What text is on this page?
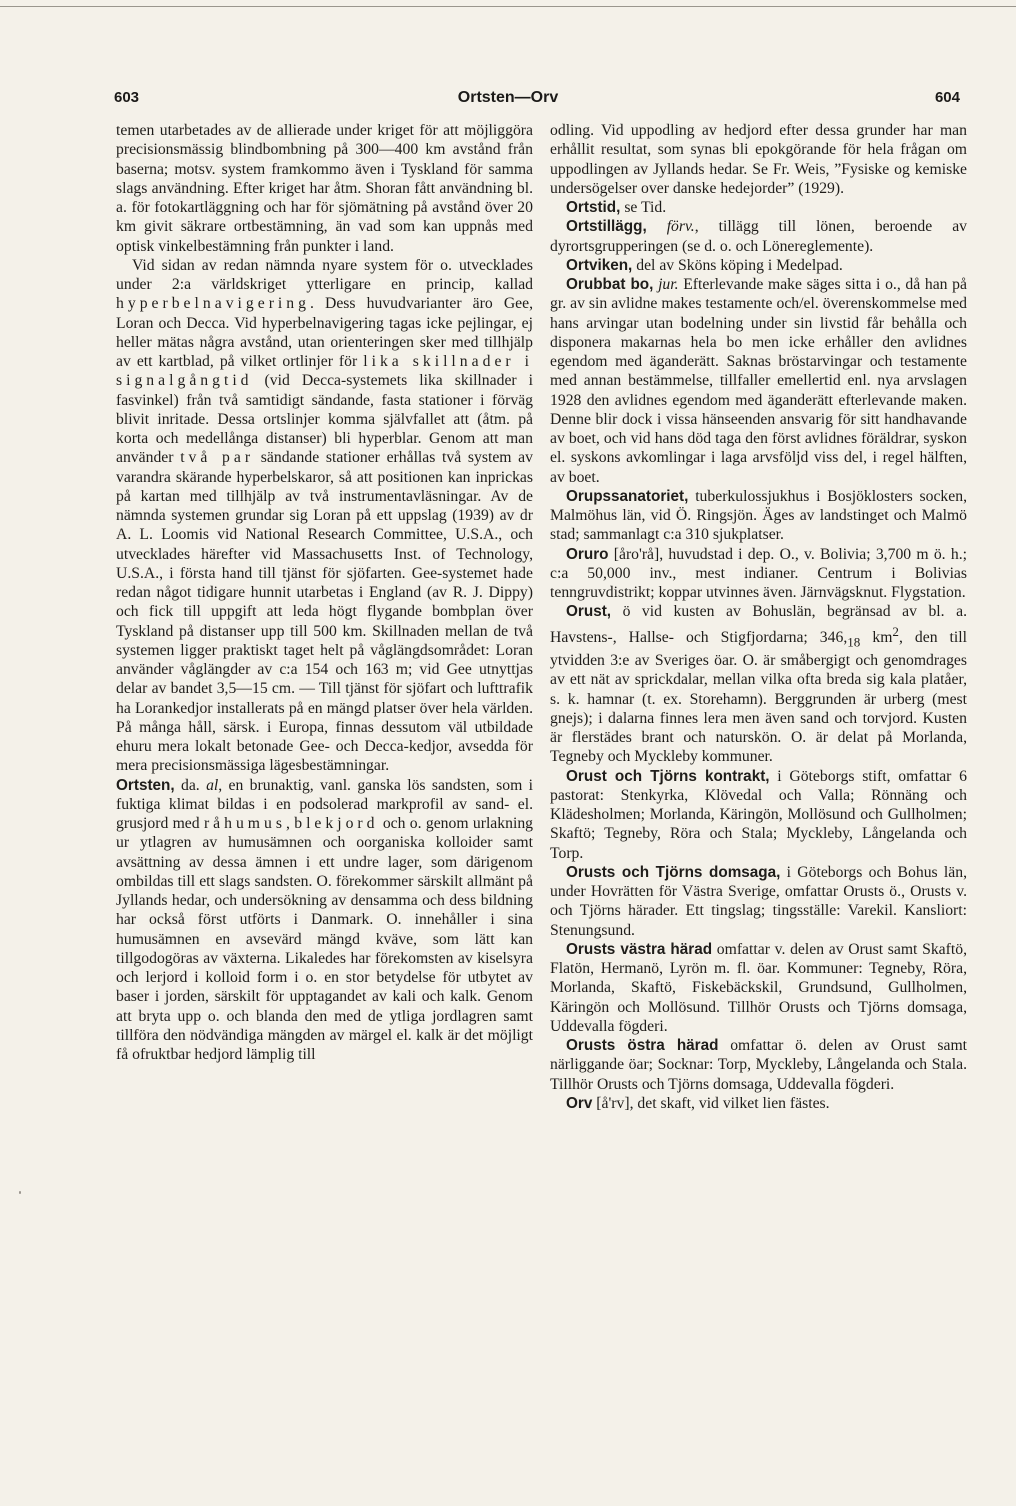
603	Ortsten—Orv	604

temen utarbetades av de allierade under kriget för att möjliggöra precisionsmässig blindbombning på 300—400 km avstånd från baserna; motsv. system framkommo även i Tyskland för samma slags användning. Efter kriget har åtm. Shoran fått användning bl. a. för fotokartläggning och har för sjömätning på avstånd över 20 km givit säkrare ortbestämning, än vad som kan uppnås med optisk vinkelbestämning från punkter i land.

Vid sidan av redan nämnda nyare system för o. utvecklades under 2:a världskriget ytterligare en princip, kallad hyperbelnavigering. Dess huvudvarianter äro Gee, Loran och Decca. Vid hyperbelnavigering tagas icke pejlingar, ej heller mätas några avstånd, utan orienteringen sker med tillhjälp av ett kartblad, på vilket ortlinjer för lika skillnader i signalgångtid (vid Decca-systemets lika skillnader i fasvinkel) från två samtidigt sändande, fasta stationer i förväg blivit inritade. Dessa ortslinjer komma självfallet att (åtm. på korta och medellånga distanser) bli hyperblar. Genom att man använder två par sändande stationer erhållas två system av varandra skärande hyperbelskaror, så att positionen kan inprickas på kartan med tillhjälp av två instrumentavläsningar. Av de nämnda systemen grundar sig Loran på ett uppslag (1939) av dr A. L. Loomis vid National Research Committee, U.S.A., och utvecklades härefter vid Massachusetts Inst. of Technology, U.S.A., i första hand till tjänst för sjöfarten. Gee-systemet hade redan något tidigare hunnit utarbetas i England (av R. J. Dippy) och fick till uppgift att leda högt flygande bombplan över Tyskland på distanser upp till 500 km. Skillnaden mellan de två systemen ligger praktiskt taget helt på våglängdsområdet: Loran använder våglängder av c:a 154 och 163 m; vid Gee utnyttjas delar av bandet 3,5—15 cm. — Till tjänst för sjöfart och lufttrafik ha Lorankedjor installerats på en mängd platser över hela världen. På många håll, särsk. i Europa, finnas dessutom väl utbildade ehuru mera lokalt betonade Gee- och Decca-kedjor, avsedda för mera precisionsmässiga lägesbestämningar.

Ortsten, da. al, en brunaktig, vanl. ganska lös sandsten, som i fuktiga klimat bildas i en podsolerad markprofil av sand- el. grusjord med råhumus, blekjord och o. genom urlakning ur ytlagren av humusämnen och oorganiska kolloider samt avsättning av dessa ämnen i ett undre lager, som därigenom ombildas till ett slags sandsten. O. förekommer särskilt allmänt på Jyllands hedar, och undersökning av densamma och dess bildning har också först utförts i Danmark. O. innehåller i sina humusämnen en avsevärd mängd kväve, som lätt kan tillgodogöras av växterna. Likaledes har förekomsten av kiselsyra och lerjord i kolloid form i o. en stor betydelse för utbytet av baser i jorden, särskilt för upptagandet av kali och kalk. Genom att bryta upp o. och blanda den med de ytliga jordlagren samt tillföra den nödvändiga mängden av märgel el. kalk är det möjligt få ofruktbar hedjord lämplig till

odling. Vid uppodling av hedjord efter dessa grunder har man erhållit resultat, som synas bli epokgörande för hela frågan om uppodlingen av Jyllands hedar. Se Fr. Weis, ”Fysiske og kemiske undersögelser over danske hedejorder” (1929).

Ortstid, se Tid.

Ortstillägg, förv., tillägg till lönen, beroende av dyrortsgrupperingen (se d. o. och Lönereglemente).

Ortviken, del av Sköns köping i Medelpad.

Orubbat bo, jur. Efterlevande make säges sitta i o., då han på gr. av sin avlidne makes testamente och/el. överenskommelse med hans arvingar utan bodelning under sin livstid får behålla och disponera makarnas hela bo men icke erhåller den avlidnes egendom med äganderätt. Saknas bröstarvingar och testamente med annan bestämmelse, tillfaller emellertid enl. nya arvslagen 1928 den avlidnes egendom med äganderätt efterlevande maken. Denne blir dock i vissa hänseenden ansvarig för sitt handhavande av boet, och vid hans död taga den först avlidnes föräldrar, syskon el. syskons avkomlingar i laga arvsföljd viss del, i regel hälften, av boet.

Orupssanatoriet, tuberkulossjukhus i Bosjöklosters socken, Malmöhus län, vid Ö. Ringsjön. Äges av landstinget och Malmö stad; sammanlagt c:a 310 sjukplatser.

Oruro [åro'rå], huvudstad i dep. O., v. Bolivia; 3,700 m ö. h.; c:a 50,000 inv., mest indianer. Centrum i Bolivias tenngruvdistrikt; koppar utvinnes även. Järnvägsknut. Flygstation.

Orust, ö vid kusten av Bohuslän, begränsad av bl. a. Havstens-, Hallse- och Stigfjordarna; $346,_{18}$ $km^2$, den till ytvidden 3:e av Sveriges öar. O. är småbergigt och genomdrages av ett nät av sprickdalar, mellan vilka ofta breda sig kala platåer, s. k. hamnar (t. ex. Storehamn). Berggrunden är urberg (mest gnejs); i dalarna finnes lera men även sand och torvjord. Kusten är flerstädes brant och naturskön. O. är delat på Morlanda, Tegneby och Myckleby kommuner.

Orust och Tjörns kontrakt, i Göteborgs stift, omfattar 6 pastorat: Stenkyrka, Klövedal och Valla; Rönnäng och Klädesholmen; Morlanda, Käringön, Mollösund och Gullholmen; Skaftö; Tegneby, Röra och Stala; Myckleby, Långelanda och Torp.

Orusts och Tjörns domsaga, i Göteborgs och Bohus län, under Hovrätten för Västra Sverige, omfattar Orusts ö., Orusts v. och Tjörns härader. Ett tingslag; tingsställe: Varekil. Kansliort: Stenungsund.

Orusts västra härad omfattar v. delen av Orust samt Skaftö, Flatön, Hermanö, Lyrön m. fl. öar. Kommuner: Tegneby, Röra, Morlanda, Skaftö, Fiskebäckskil, Grundsund, Gullholmen, Käringön och Mollösund. Tillhör Orusts och Tjörns domsaga, Uddevalla fögderi.

Orusts östra härad omfattar ö. delen av Orust samt närliggande öar; Socknar: Torp, Myckleby, Långelanda och Stala. Tillhör Orusts och Tjörns domsaga, Uddevalla fögderi.

Orv [å'rv], det skaft, vid vilket lien fästes.
